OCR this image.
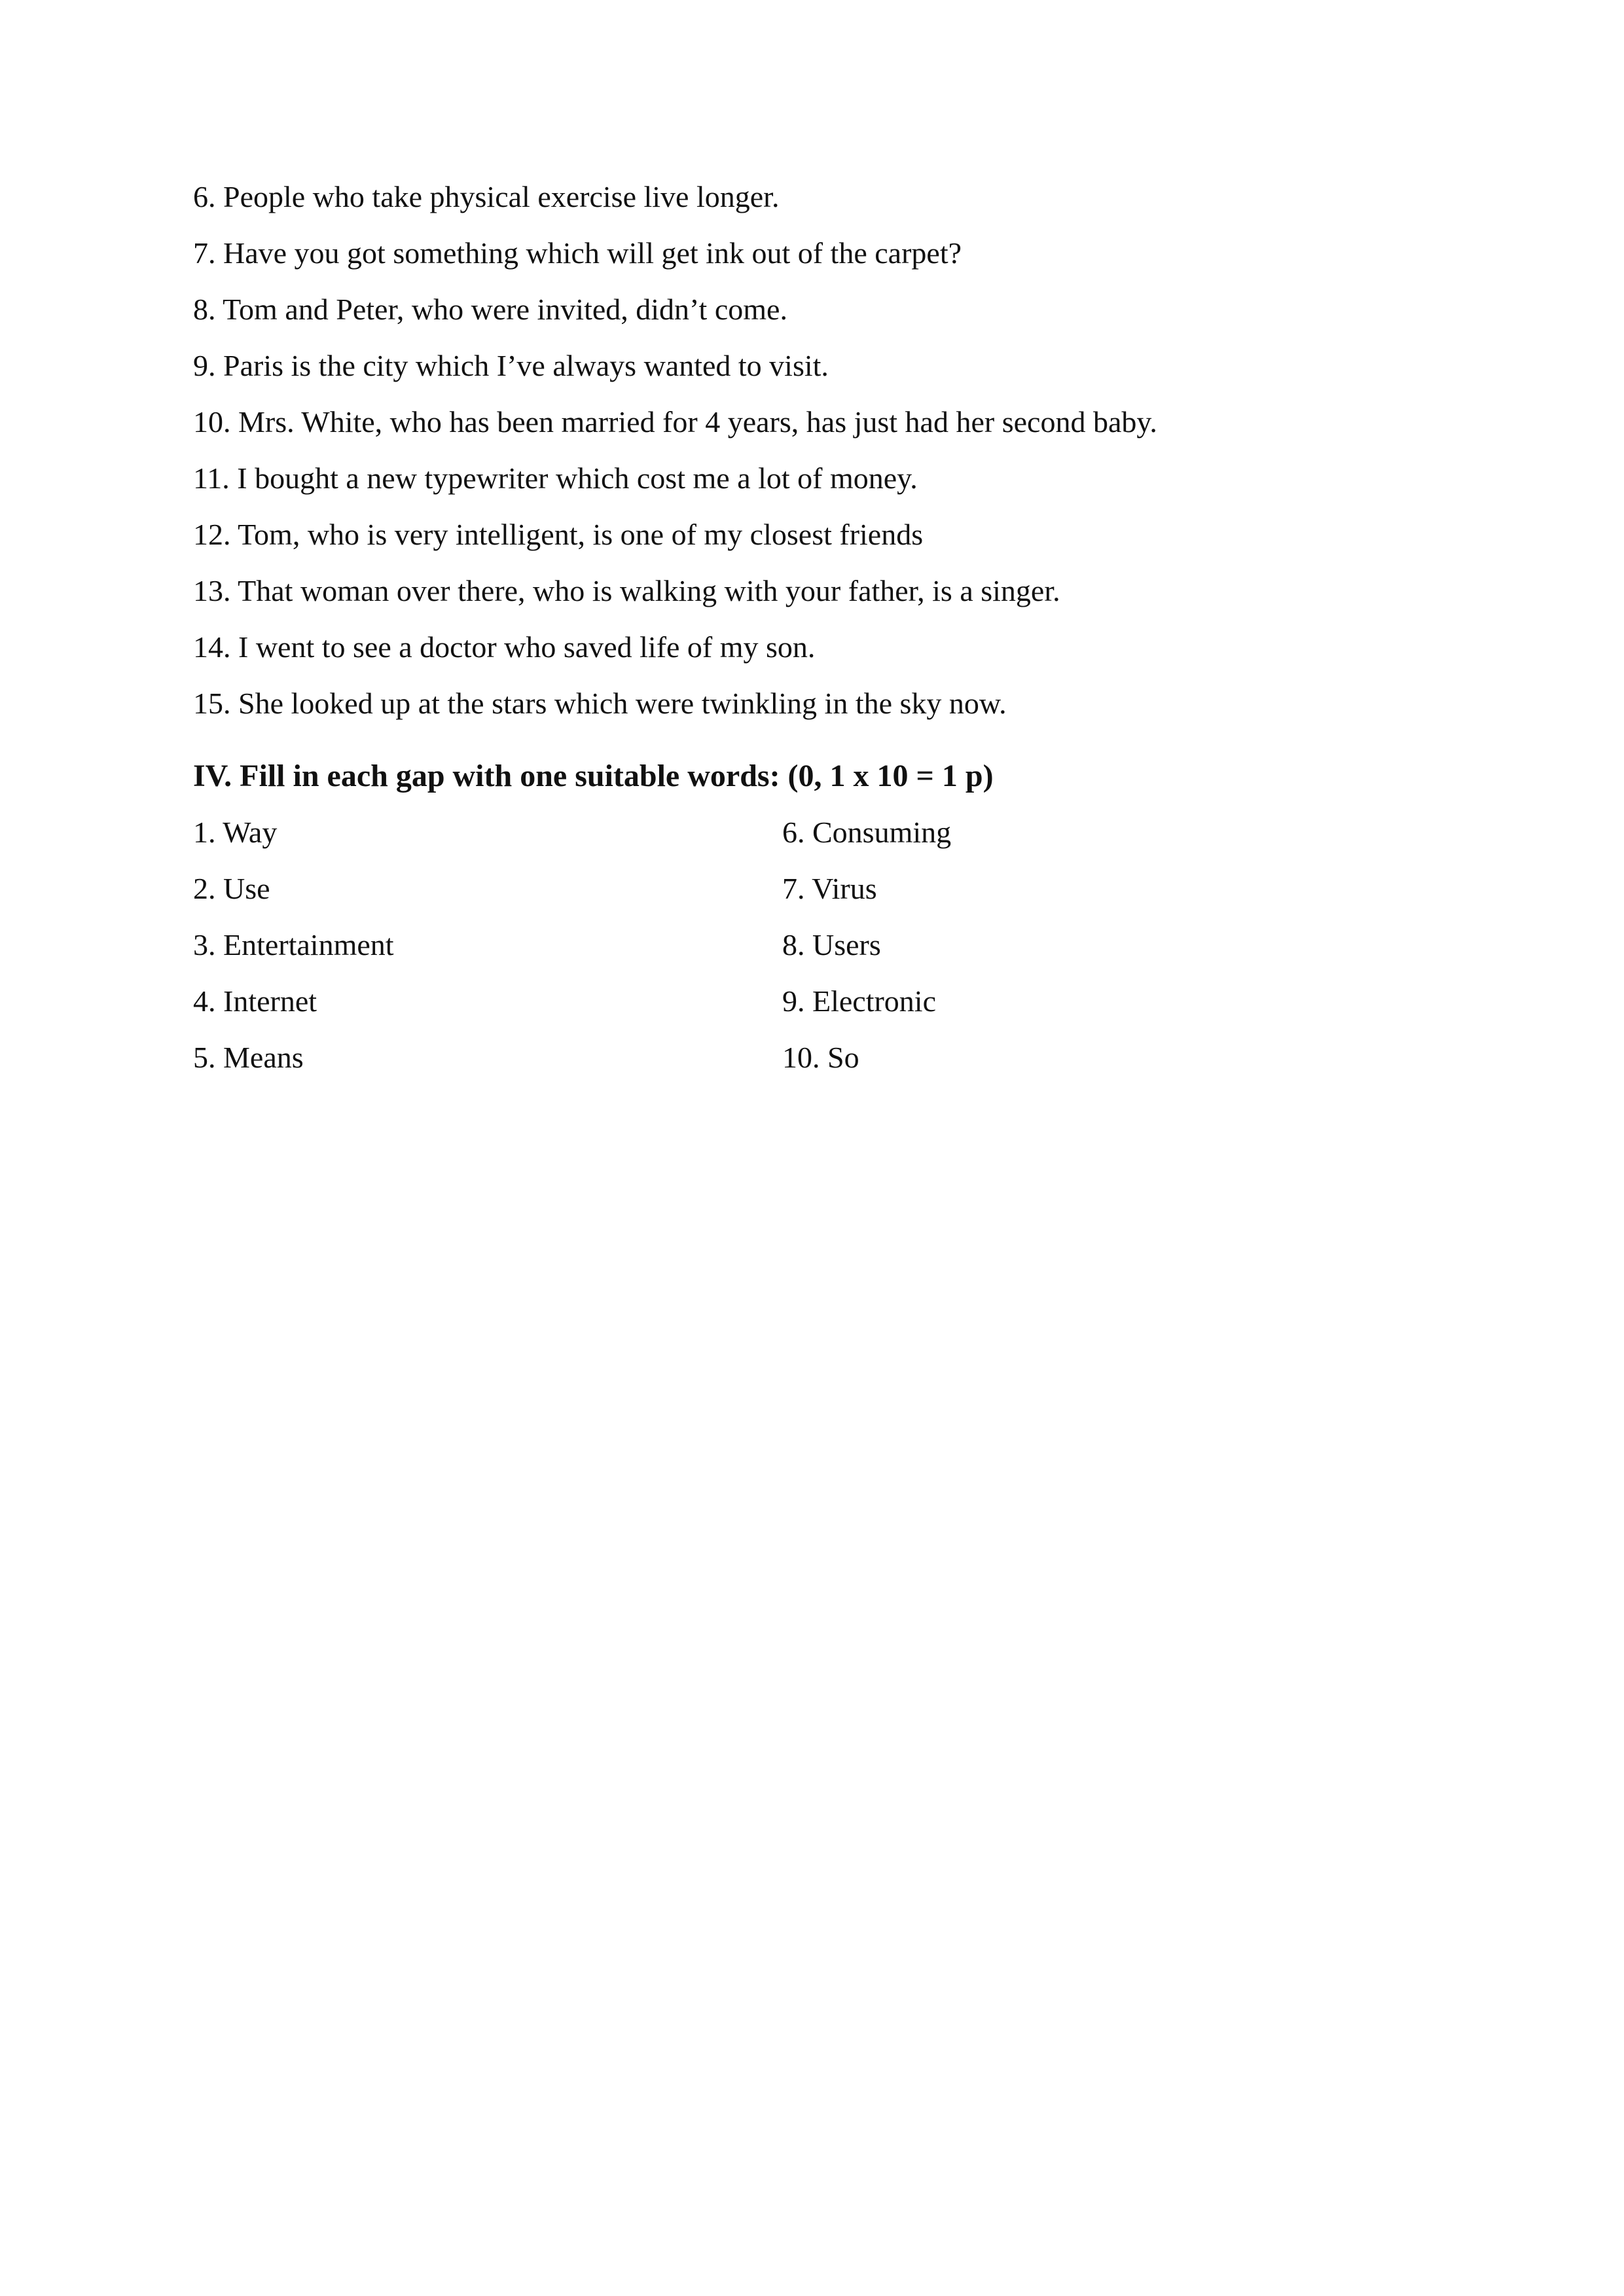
6. People who take physical exercise live longer.
7. Have you got something which will get ink out of the carpet?
8. Tom and Peter, who were invited, didn’t come.
9. Paris is the city which I’ve always wanted to visit.
10. Mrs. White, who has been married for 4 years, has just had her second baby.
11. I bought a new typewriter which cost me a lot of money.
12. Tom, who is very intelligent, is one of my closest friends
13. That woman over there, who is walking with your father, is a singer.
14. I went to see a doctor who saved life of my son.
15. She looked up at the stars which were twinkling in the sky now.
IV. Fill in each gap with one suitable words: (0, 1 x 10 = 1 p)
1. Way	6. Consuming
2. Use	7. Virus
3. Entertainment	8. Users
4. Internet	9. Electronic
5. Means	10. So
